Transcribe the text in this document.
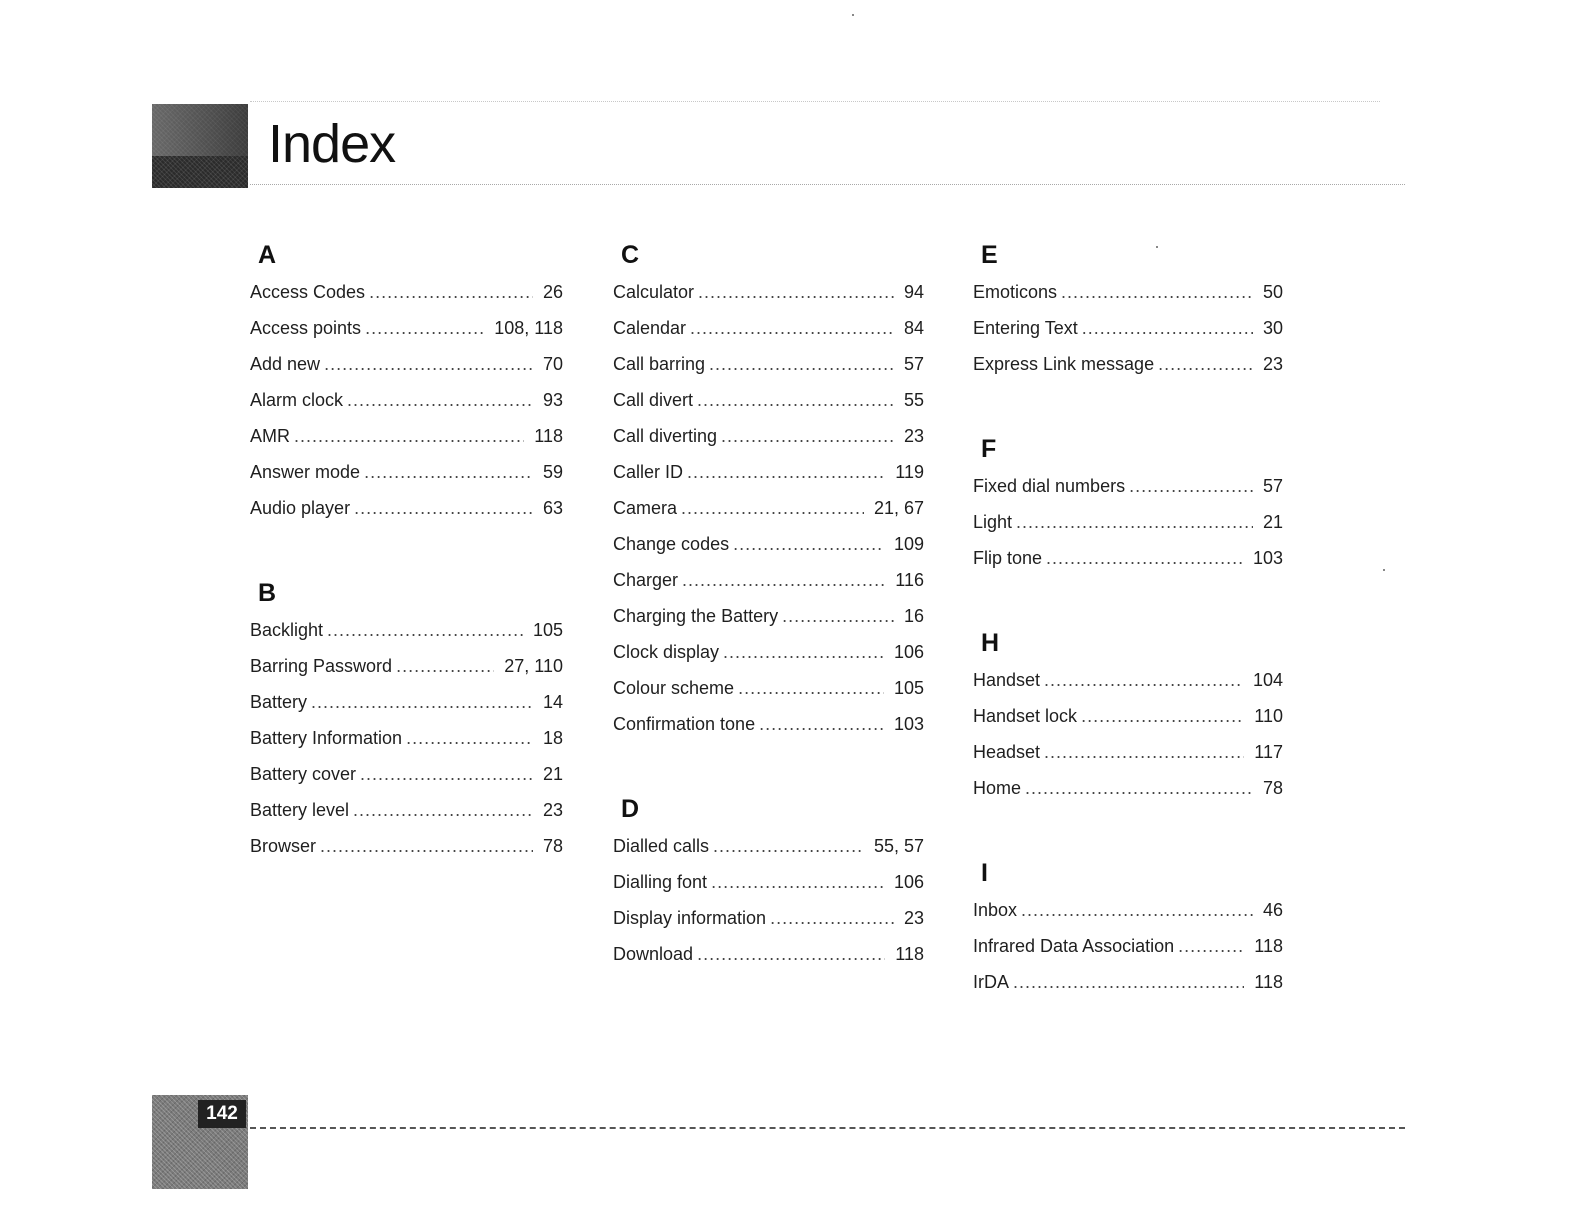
Index
A
Access Codes .....	26
Access points .....	108, 118
Add new .....	70
Alarm clock .....	93
AMR .....	118
Answer mode .....	59
Audio player .....	63
B
Backlight .....	105
Barring Password .....	27, 110
Battery .....	14
Battery Information .....	18
Battery cover .....	21
Battery level .....	23
Browser .....	78
C
Calculator .....	94
Calendar .....	84
Call barring .....	57
Call divert .....	55
Call diverting .....	23
Caller ID .....	119
Camera .....	21, 67
Change codes .....	109
Charger .....	116
Charging the Battery .....	16
Clock display .....	106
Colour scheme .....	105
Confirmation tone .....	103
D
Dialled calls .....	55, 57
Dialling font .....	106
Display information .....	23
Download .....	118
E
Emoticons .....	50
Entering Text .....	30
Express Link message .....	23
F
Fixed dial numbers .....	57
Light .....	21
Flip tone .....	103
H
Handset .....	104
Handset lock .....	110
Headset .....	117
Home .....	78
I
Inbox .....	46
Infrared Data Association .....	118
IrDA .....	118
142
